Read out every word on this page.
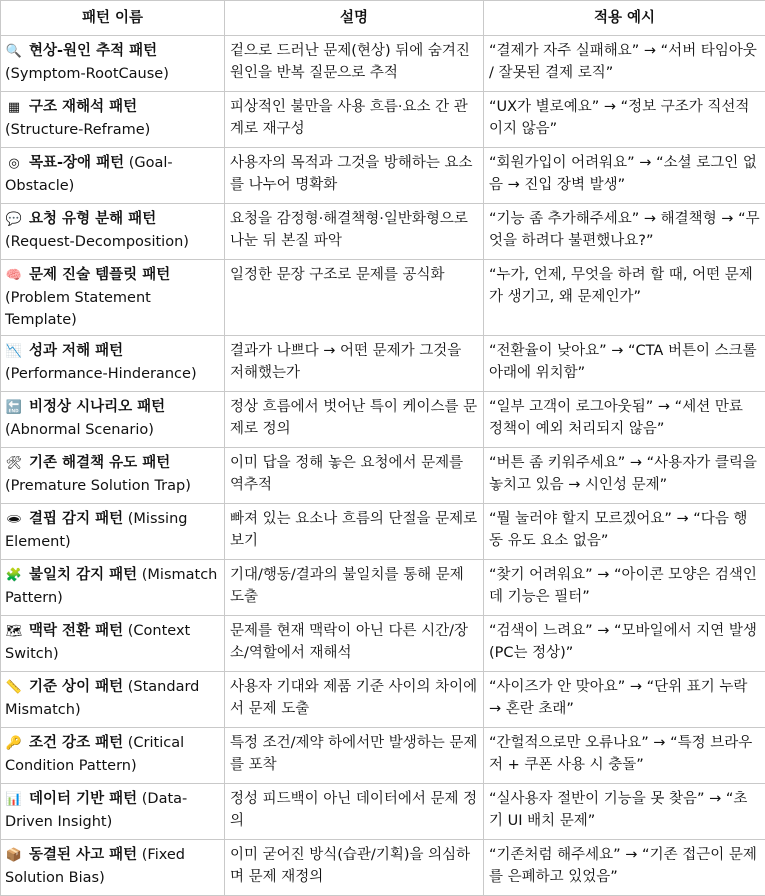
패턴 이름	설명	적용 예시
🔍 현상-원인 추적 패턴 (Symptom-RootCause)	겉으로 드러난 문제(현상) 뒤에 숨겨진 원인을 반복 질문으로 추적	“결제가 자주 실패해요” → “서버 타임아웃 / 잘못된 결제 로직”
▦ 구조 재해석 패턴 (Structure-Reframe)	피상적인 불만을 사용 흐름·요소 간 관계로 재구성	“UX가 별로예요” → “정보 구조가 직선적이지 않음”
◎ 목표-장애 패턴 (Goal-Obstacle)	사용자의 목적과 그것을 방해하는 요소를 나누어 명확화	“회원가입이 어려워요” → “소셜 로그인 없음 → 진입 장벽 발생”
💬 요청 유형 분해 패턴 (Request-Decomposition)	요청을 감정형·해결책형·일반화형으로 나눈 뒤 본질 파악	“기능 좀 추가해주세요” → 해결책형 → “무엇을 하려다 불편했나요?”
🧠 문제 진술 템플릿 패턴 (Problem Statement Template)	일정한 문장 구조로 문제를 공식화	“누가, 언제, 무엇을 하려 할 때, 어떤 문제가 생기고, 왜 문제인가”
📉 성과 저해 패턴 (Performance-Hinderance)	결과가 나쁘다 → 어떤 문제가 그것을 저해했는가	“전환율이 낮아요” → “CTA 버튼이 스크롤 아래에 위치함”
🔚 비정상 시나리오 패턴 (Abnormal Scenario)	정상 흐름에서 벗어난 특이 케이스를 문제로 정의	“일부 고객이 로그아웃됨” → “세션 만료 정책이 예외 처리되지 않음”
🛠 기존 해결책 유도 패턴 (Premature Solution Trap)	이미 답을 정해 놓은 요청에서 문제를 역추적	“버튼 좀 키워주세요” → “사용자가 클릭을 놓치고 있음 → 시인성 문제”
🕳 결핍 감지 패턴 (Missing Element)	빠져 있는 요소나 흐름의 단절을 문제로 보기	“뭘 눌러야 할지 모르겠어요” → “다음 행동 유도 요소 없음”
🧩 불일치 감지 패턴 (Mismatch Pattern)	기대/행동/결과의 불일치를 통해 문제 도출	“찾기 어려워요” → “아이콘 모양은 검색인데 기능은 필터”
🗺 맥락 전환 패턴 (Context Switch)	문제를 현재 맥락이 아닌 다른 시간/장소/역할에서 재해석	“검색이 느려요” → “모바일에서 지연 발생 (PC는 정상)”
📏 기준 상이 패턴 (Standard Mismatch)	사용자 기대와 제품 기준 사이의 차이에서 문제 도출	“사이즈가 안 맞아요” → “단위 표기 누락 → 혼란 초래”
🔑 조건 강조 패턴 (Critical Condition Pattern)	특정 조건/제약 하에서만 발생하는 문제를 포착	“간헐적으로만 오류나요” → “특정 브라우저 + 쿠폰 사용 시 충돌”
📊 데이터 기반 패턴 (Data-Driven Insight)	정성 피드백이 아닌 데이터에서 문제 정의	“실사용자 절반이 기능을 못 찾음” → “초기 UI 배치 문제”
📦 동결된 사고 패턴 (Fixed Solution Bias)	이미 굳어진 방식(습관/기획)을 의심하며 문제 재정의	“기존처럼 해주세요” → “기존 접근이 문제를 은폐하고 있었음”
